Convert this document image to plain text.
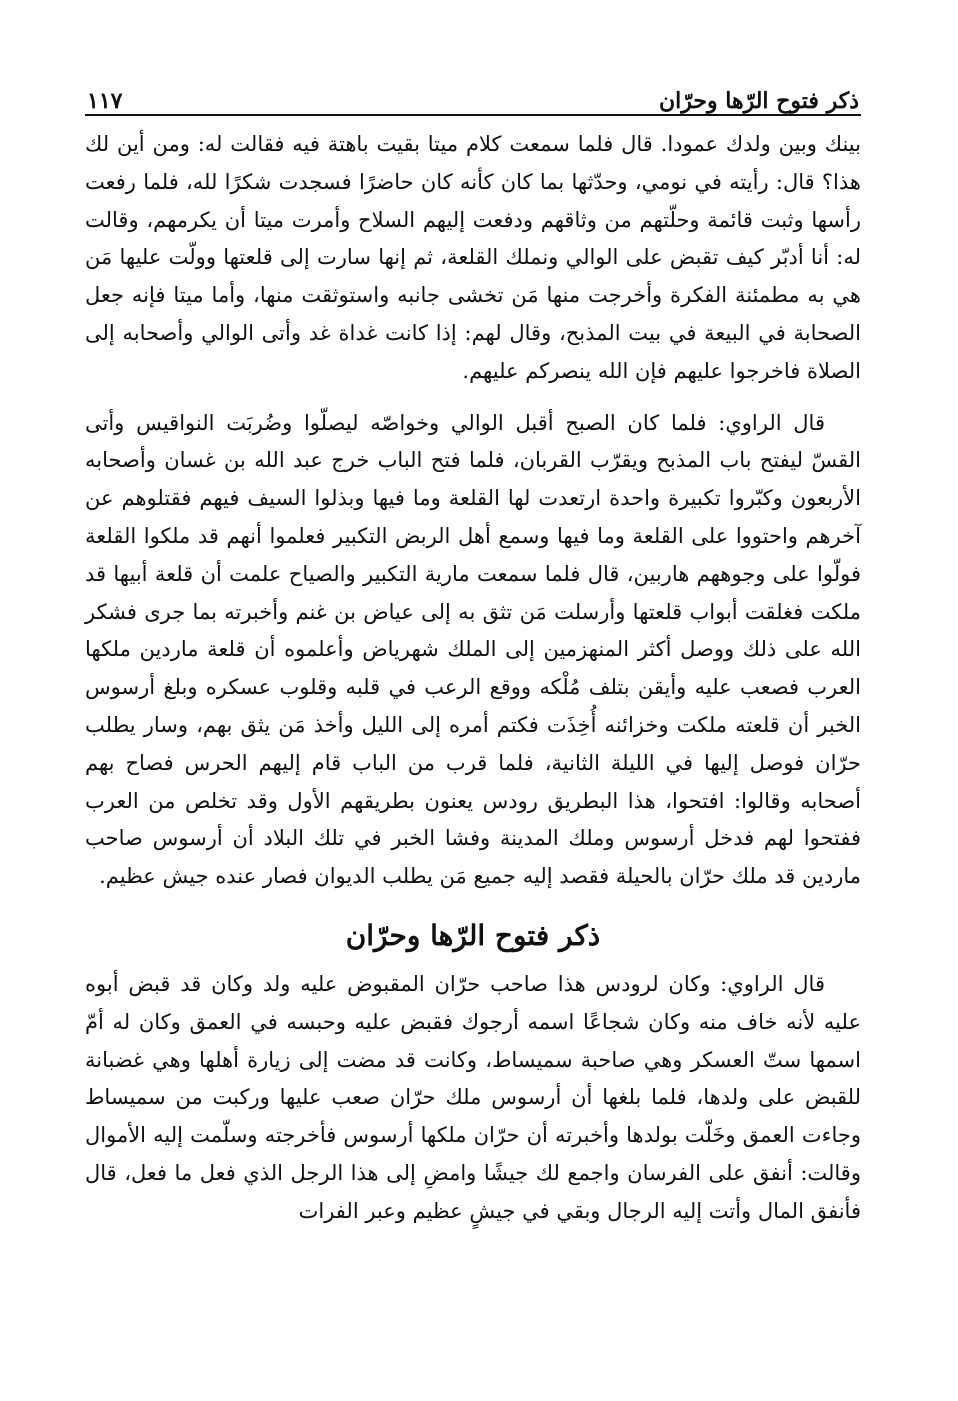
ذكر فتوح الرّها وحرّان
١١٧

بينك وبين ولدك عمودا. قال فلما سمعت كلام ميتا بقيت باهتة فيه فقالت له: ومن أين لك هذا؟ قال: رأيته في نومي، وحدّثها بما كان كأنه كان حاضرًا فسجدت شكرًا لله، فلما رفعت رأسها وثبت قائمة وحلّتهم من وثاقهم ودفعت إليهم السلاح وأمرت ميتا أن يكرمهم، وقالت له: أنا أدبّر كيف تقبض على الوالي ونملك القلعة، ثم إنها سارت إلى قلعتها وولّت عليها مَن هي به مطمئنة الفكرة وأخرجت منها مَن تخشى جانبه واستوثقت منها، وأما ميتا فإنه جعل الصحابة في البيعة في بيت المذبح، وقال لهم: إذا كانت غداة غد وأتى الوالي وأصحابه إلى الصلاة فاخرجوا عليهم فإن الله ينصركم عليهم.

قال الراوي: فلما كان الصبح أقبل الوالي وخواصّه ليصلّوا وضُربَت النواقيس وأتى القسّ ليفتح باب المذبح ويقرّب القربان، فلما فتح الباب خرج عبد الله بن غسان وأصحابه الأربعون وكبّروا تكبيرة واحدة ارتعدت لها القلعة وما فيها وبذلوا السيف فيهم فقتلوهم عن آخرهم واحتووا على القلعة وما فيها وسمع أهل الربض التكبير فعلموا أنهم قد ملكوا القلعة فولّوا على وجوههم هاربين، قال فلما سمعت مارية التكبير والصياح علمت أن قلعة أبيها قد ملكت فغلقت أبواب قلعتها وأرسلت مَن تثق به إلى عياض بن غنم وأخبرته بما جرى فشكر الله على ذلك ووصل أكثر المنهزمين إلى الملك شهرياض وأعلموه أن قلعة ماردين ملكها العرب فصعب عليه وأيقن بتلف مُلْكه ووقع الرعب في قلبه وقلوب عسكره وبلغ أرسوس الخبر أن قلعته ملكت وخزائنه أُخِذَت فكتم أمره إلى الليل وأخذ مَن يثق بهم، وسار يطلب حرّان فوصل إليها في الليلة الثانية، فلما قرب من الباب قام إليهم الحرس فصاح بهم أصحابه وقالوا: افتحوا، هذا البطريق رودس يعنون بطريقهم الأول وقد تخلص من العرب ففتحوا لهم فدخل أرسوس وملك المدينة وفشا الخبر في تلك البلاد أن أرسوس صاحب ماردين قد ملك حرّان بالحيلة فقصد إليه جميع مَن يطلب الديوان فصار عنده جيش عظيم.

ذكر فتوح الرّها وحرّان

قال الراوي: وكان لرودس هذا صاحب حرّان المقبوض عليه ولد وكان قد قبض أبوه عليه لأنه خاف منه وكان شجاعًا اسمه أرجوك فقبض عليه وحبسه في العمق وكان له أمّ اسمها ستّ العسكر وهي صاحبة سميساط، وكانت قد مضت إلى زيارة أهلها وهي غضبانة للقبض على ولدها، فلما بلغها أن أرسوس ملك حرّان صعب عليها وركبت من سميساط وجاءت العمق وخَلّت بولدها وأخبرته أن حرّان ملكها أرسوس فأخرجته وسلّمت إليه الأموال وقالت: أنفق على الفرسان واجمع لك جيشًا وامضِ إلى هذا الرجل الذي فعل ما فعل، قال فأنفق المال وأتت إليه الرجال وبقي في جيشٍ عظيم وعبر الفرات
